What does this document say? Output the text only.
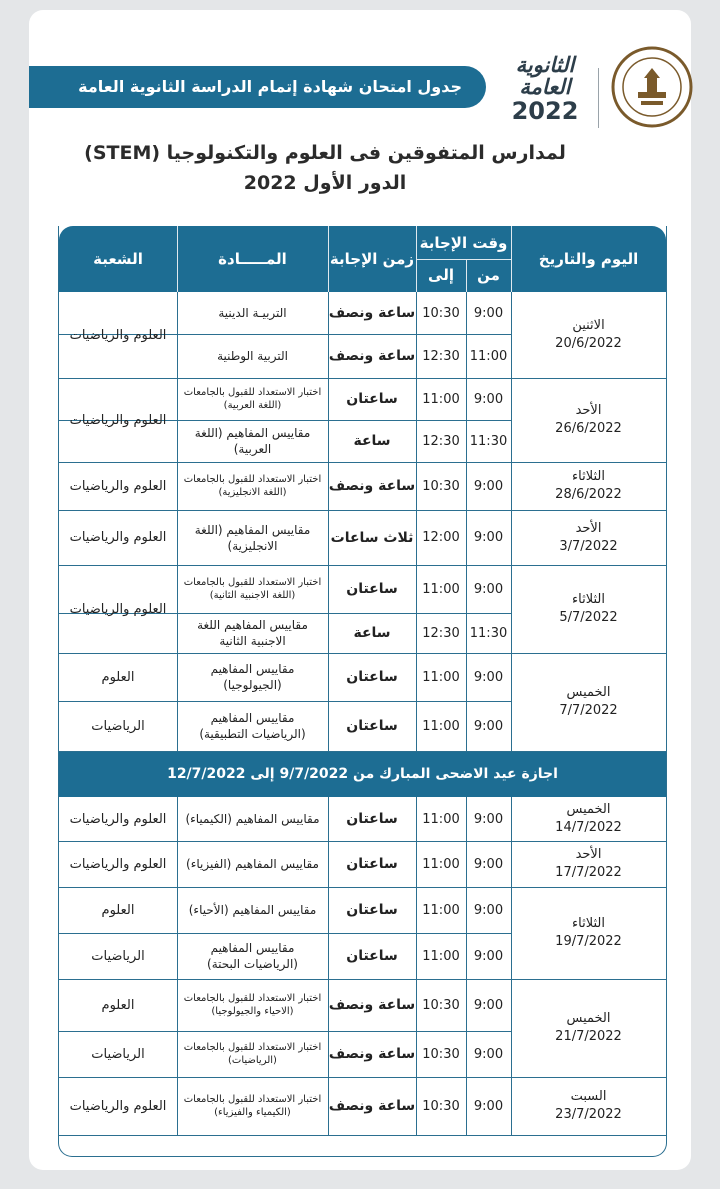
جدول امتحان شهادة إتمام الدراسة الثانوية العامة
الثانوية العامة
2022
لمدارس المتفوقين فى العلوم والتكنولوجيا (STEM)
الدور الأول 2022
اليوم والتاريخ
وقت الإجابة
من
إلى
زمن الإجابة
المـــــادة
الشعبة
اجازة عيد الاضحى المبارك من 9/7/2022 إلى 12/7/2022
الاثنين
20/6/2022
9:00
10:30
ساعة ونصف
التربيـة الدينية
11:00
12:30
ساعة ونصف
التربية الوطنية
العلوم والرياضيات
الأحد
26/6/2022
9:00
11:00
ساعتان
اختبار الاستعداد للقبول بالجامعات (اللغة العربية)
11:30
12:30
ساعة
مقاييس المفاهيم (اللغة العربية)
العلوم والرياضيات
الثلاثاء
28/6/2022
9:00
10:30
ساعة ونصف
اختبار الاستعداد للقبول بالجامعات (اللغة الانجليزية)
العلوم والرياضيات
الأحد
3/7/2022
9:00
12:00
ثلاث ساعات
مقاييس المفاهيم (اللغة الانجليزية)
العلوم والرياضيات
الثلاثاء
5/7/2022
9:00
11:00
ساعتان
اختبار الاستعداد للقبول بالجامعات (اللغة الاجنبية الثانية)
11:30
12:30
ساعة
مقاييس المفاهيم اللغة الاجنبية الثانية
العلوم والرياضيات
الخميس
7/7/2022
9:00
11:00
ساعتان
مقاييس المفاهيم (الجيولوجيا)
العلوم
9:00
11:00
ساعتان
مقاييس المفاهيم (الرياضيات التطبيقية)
الرياضيات
الخميس
14/7/2022
9:00
11:00
ساعتان
مقاييس المفاهيم (الكيمياء)
العلوم والرياضيات
الأحد
17/7/2022
9:00
11:00
ساعتان
مقاييس المفاهيم (الفيزياء)
العلوم والرياضيات
الثلاثاء
19/7/2022
9:00
11:00
ساعتان
مقاييس المفاهيم (الأحياء)
العلوم
9:00
11:00
ساعتان
مقاييس المفاهيم (الرياضيات البحتة)
الرياضيات
الخميس
21/7/2022
9:00
10:30
ساعة ونصف
اختبار الاستعداد للقبول بالجامعات (الاحياء والجيولوجيا)
العلوم
9:00
10:30
ساعة ونصف
اختبار الاستعداد للقبول بالجامعات (الرياضيات)
الرياضيات
السبت
23/7/2022
9:00
10:30
ساعة ونصف
اختبار الاستعداد للقبول بالجامعات (الكيمياء والفيزياء)
العلوم والرياضيات
